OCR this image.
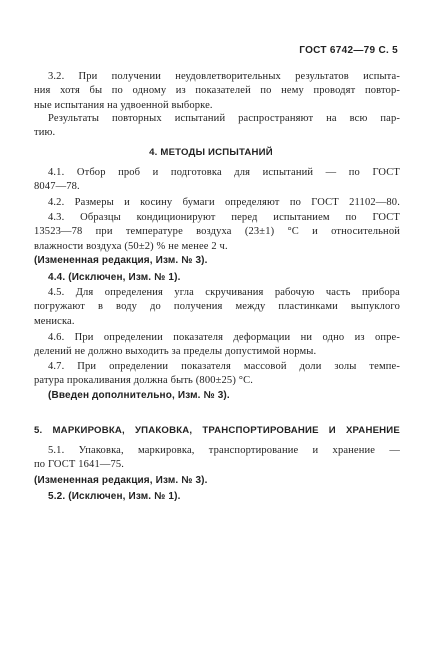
ГОСТ 6742—79 С. 5
3.2. При получении неудовлетворительных результатов испыта-
ния хотя бы по одному из показателей по нему проводят повтор-
ные испытания на удвоенной выборке.
Результаты повторных испытаний распространяют на всю пар-
тию.
4. МЕТОДЫ ИСПЫТАНИЙ
4.1. Отбор проб и подготовка для испытаний — по ГОСТ
8047—78.
4.2. Размеры и косину бумаги определяют по ГОСТ 21102—80.
4.3. Образцы кондиционируют перед испытанием по ГОСТ
13523—78 при температуре воздуха (23±1) °С и относительной
влажности воздуха (50±2) % не менее 2 ч.
(Измененная редакция, Изм. № 3).
4.4. (Исключен, Изм. № 1).
4.5. Для определения угла скручивания рабочую часть прибора
погружают в воду до получения между пластинками выпуклого
мениска.
4.6. При определении показателя деформации ни одно из опре-
делений не должно выходить за пределы допустимой нормы.
4.7. При определении показателя массовой доли золы темпе-
ратура прокаливания должна быть (800±25) °С.
(Введен дополнительно, Изм. № 3).
5. МАРКИРОВКА, УПАКОВКА, ТРАНСПОРТИРОВАНИЕ И ХРАНЕНИЕ
5.1. Упаковка, маркировка, транспортирование и хранение —
по ГОСТ 1641—75.
(Измененная редакция, Изм. № 3).
5.2. (Исключен, Изм. № 1).
